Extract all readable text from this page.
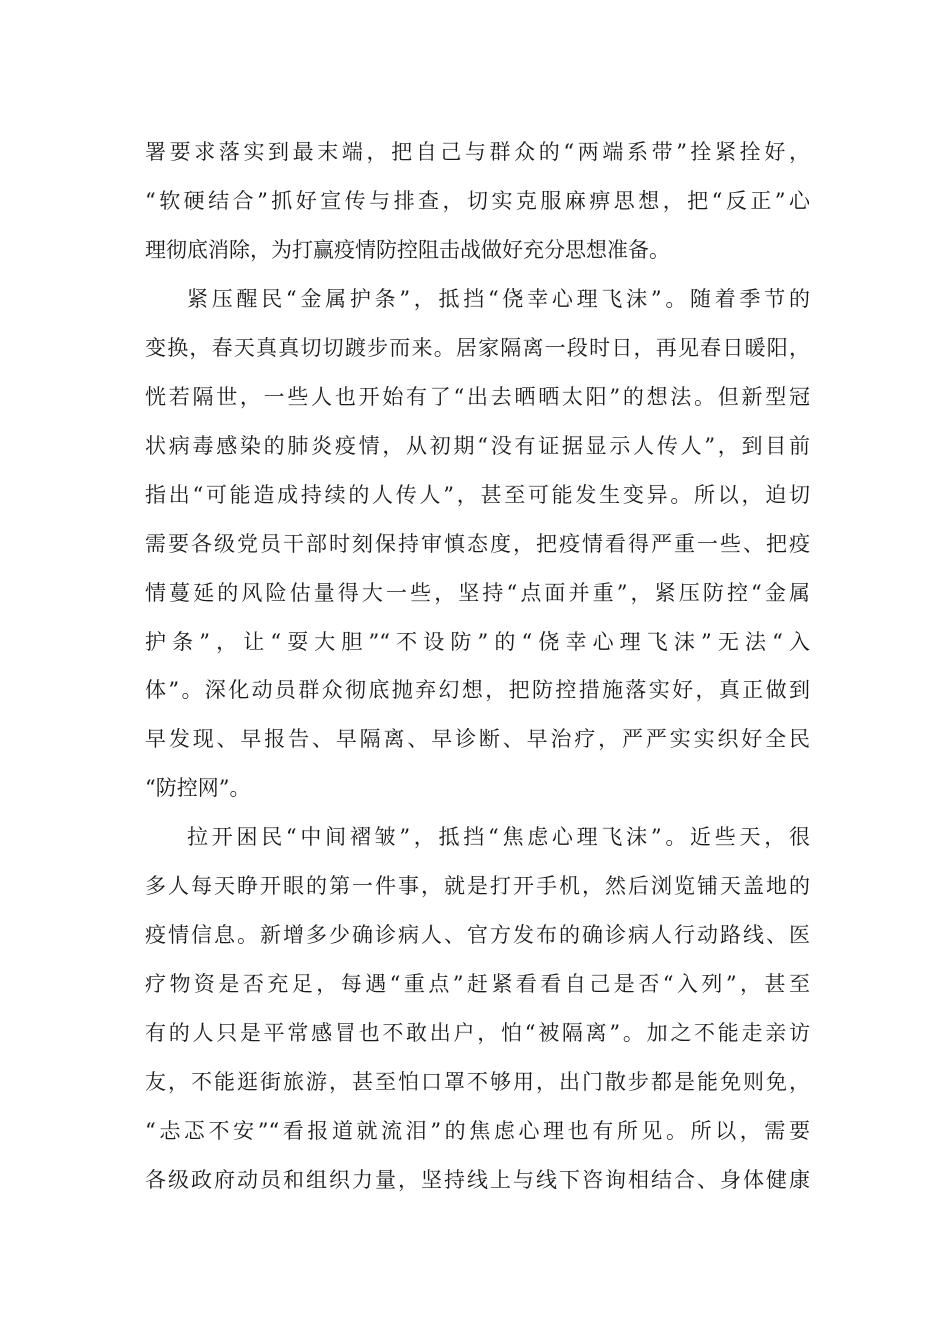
署要求落实到最末端，把自己与群众的“两端系带”拴紧拴好，
“软硬结合”抓好宣传与排查，切实克服麻痹思想，把“反正”心
理彻底消除，为打赢疫情防控阻击战做好充分思想准备。
紧压醒民“金属护条”，抵挡“侥幸心理飞沫”。随着季节的
变换，春天真真切切踱步而来。居家隔离一段时日，再见春日暖阳，
恍若隔世，一些人也开始有了“出去晒晒太阳”的想法。但新型冠
状病毒感染的肺炎疫情，从初期“没有证据显示人传人”，到目前
指出“可能造成持续的人传人”，甚至可能发生变异。所以，迫切
需要各级党员干部时刻保持审慎态度，把疫情看得严重一些、把疫
情蔓延的风险估量得大一些，坚持“点面并重”，紧压防控“金属
护条”，让“耍大胆”“不设防”的“侥幸心理飞沫”无法“入
体”。深化动员群众彻底抛弃幻想，把防控措施落实好，真正做到
早发现、早报告、早隔离、早诊断、早治疗，严严实实织好全民
“防控网”。
拉开困民“中间褶皱”，抵挡“焦虑心理飞沫”。近些天，很
多人每天睁开眼的第一件事，就是打开手机，然后浏览铺天盖地的
疫情信息。新增多少确诊病人、官方发布的确诊病人行动路线、医
疗物资是否充足，每遇“重点”赶紧看看自己是否“入列”，甚至
有的人只是平常感冒也不敢出户，怕“被隔离”。加之不能走亲访
友，不能逛街旅游，甚至怕口罩不够用，出门散步都是能免则免，
“忐忑不安”“看报道就流泪”的焦虑心理也有所见。所以，需要
各级政府动员和组织力量，坚持线上与线下咨询相结合、身体健康
